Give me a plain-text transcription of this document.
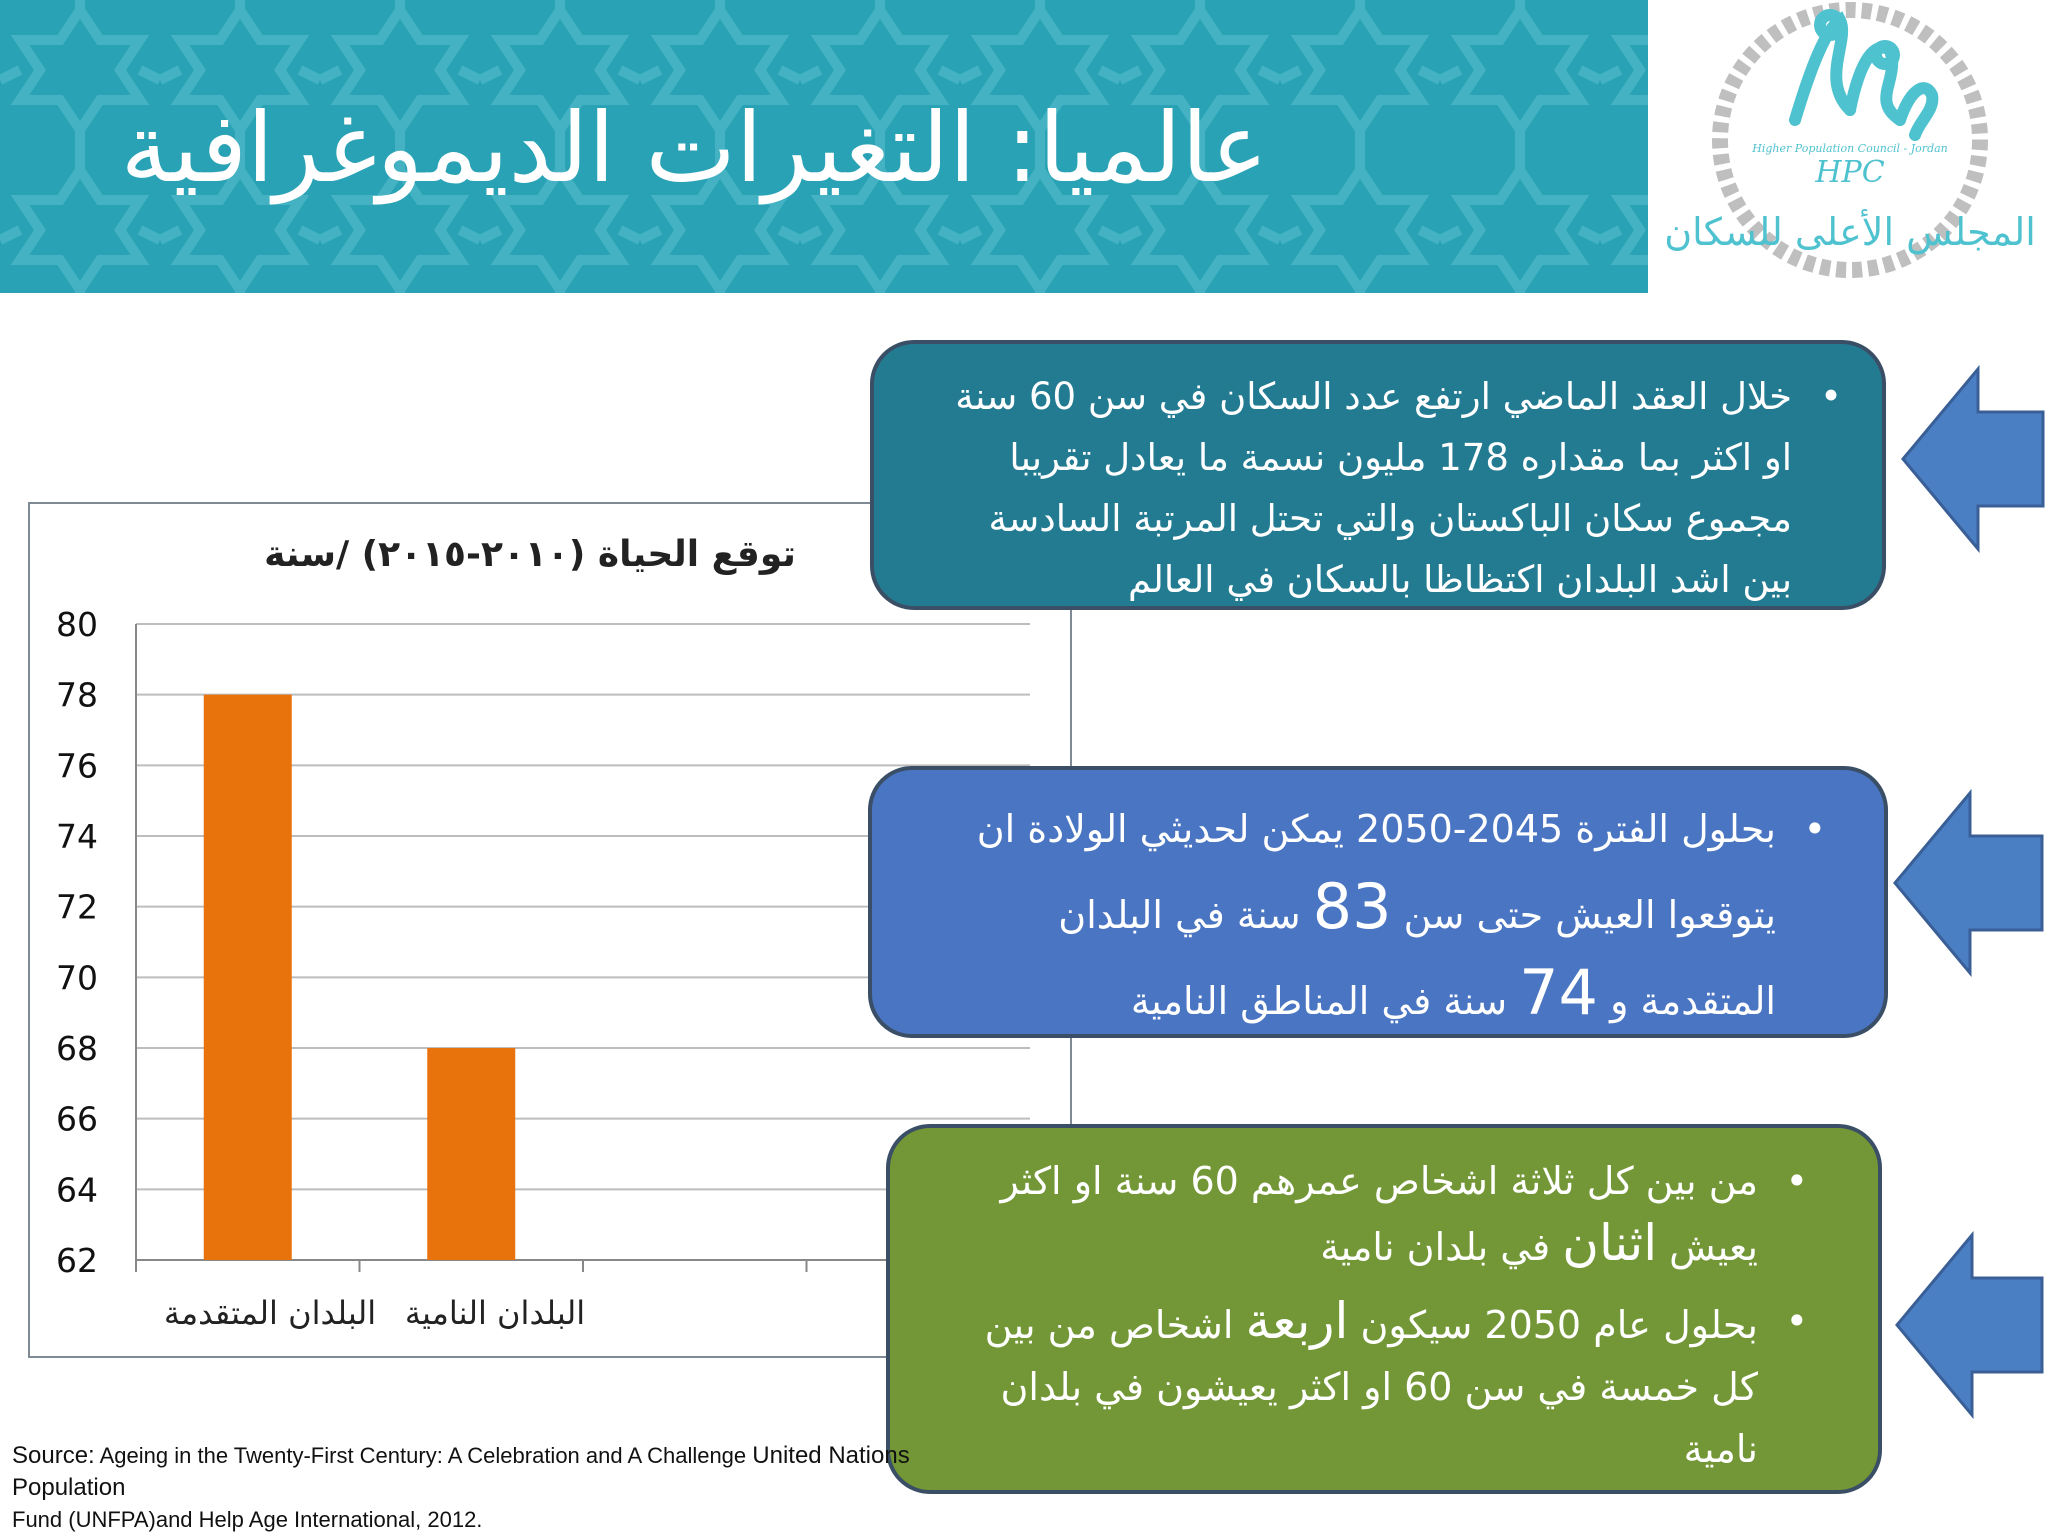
عالميا: التغيرات الديموغرافية	Higher Population Council - Jordan
HPC
المجلس الأعلى للسكان
توقع الحياة (٢٠١٠-٢٠١٥) /سنة
62
64
66
68
70
72
74
76
78
80
البلدان المتقدمة البلدان النامية
• خلال العقد الماضي ارتفع عدد السكان في سن 60 سنة او اكثر بما مقداره 178 مليون نسمة ما يعادل تقريبا مجموع سكان الباكستان والتي تحتل المرتبة السادسة بين اشد البلدان اكتظاظا بالسكان في العالم
• بحلول الفترة 2045-2050 يمكن لحديثي الولادة ان يتوقعوا العيش حتى سن 83 سنة في البلدان المتقدمة و 74 سنة في المناطق النامية
• من بين كل ثلاثة اشخاص عمرهم 60 سنة او اكثر يعيش اثنان في بلدان نامية
• بحلول عام 2050 سيكون اربعة اشخاص من بين كل خمسة في سن 60 او اكثر يعيشون في بلدان نامية
Source: Ageing in the Twenty-First Century: A Celebration and A Challenge United Nations Population
Fund (UNFPA)and Help Age International, 2012.
